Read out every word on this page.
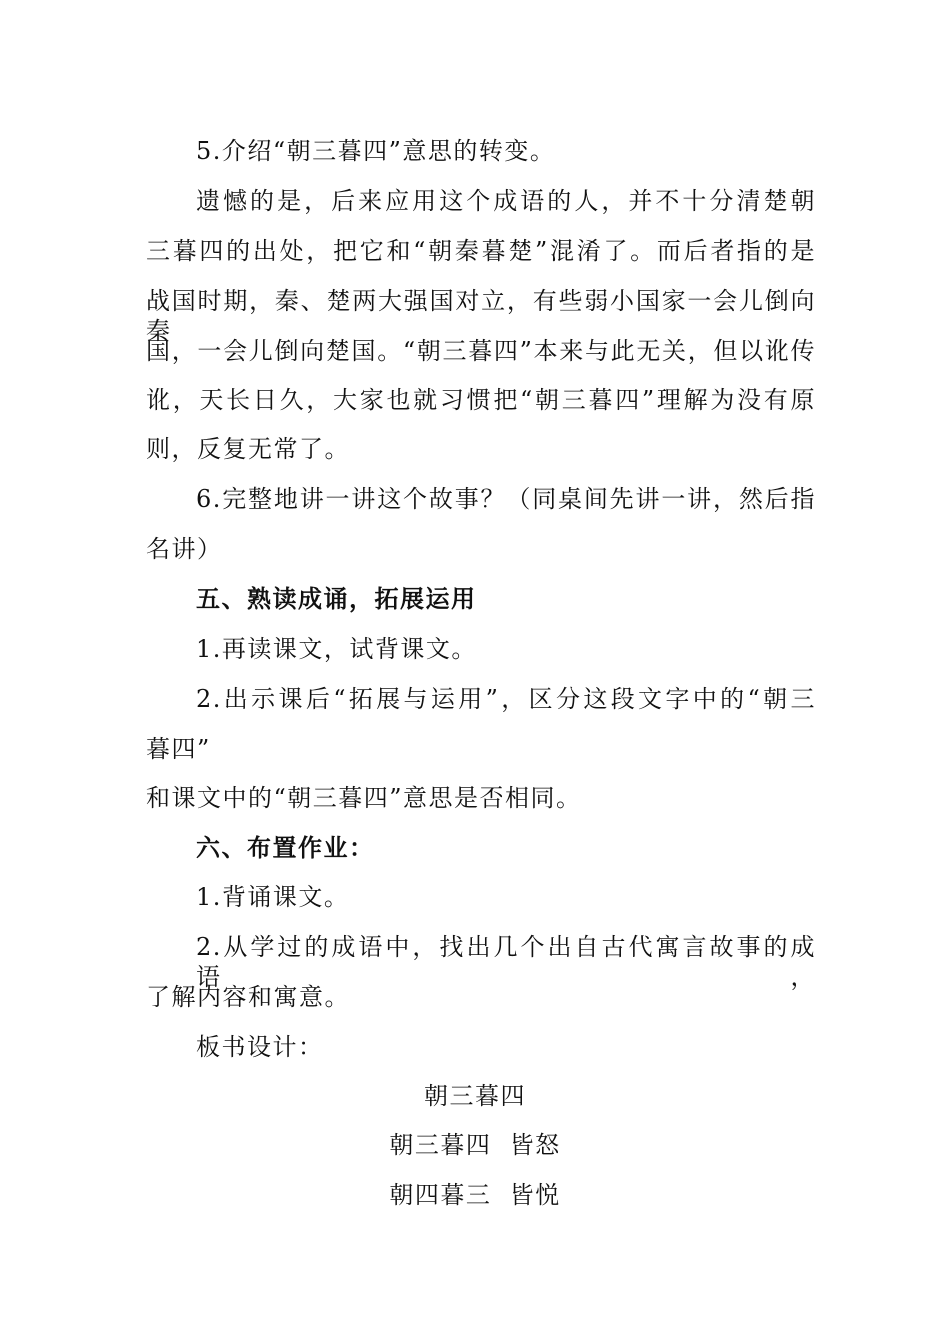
5.介绍“朝三暮四”意思的转变。
遗憾的是，后来应用这个成语的人，并不十分清楚朝
三暮四的出处，把它和“朝秦暮楚”混淆了。而后者指的是
战国时期，秦、楚两大强国对立，有些弱小国家一会儿倒向秦
国，一会儿倒向楚国。“朝三暮四”本来与此无关，但以讹传
讹，天长日久，大家也就习惯把“朝三暮四”理解为没有原
则，反复无常了。
6.完整地讲一讲这个故事？（同桌间先讲一讲，然后指
名讲）
五、熟读成诵，拓展运用
1.再读课文，试背课文。
2.出示课后“拓展与运用”，区分这段文字中的“朝三
暮四”
和课文中的“朝三暮四”意思是否相同。
六、布置作业：
1.背诵课文。
2.从学过的成语中，找出几个出自古代寓言故事的成语，
了解内容和寓意。
板书设计：
朝三暮四
朝三暮四  皆怒
朝四暮三  皆悦
